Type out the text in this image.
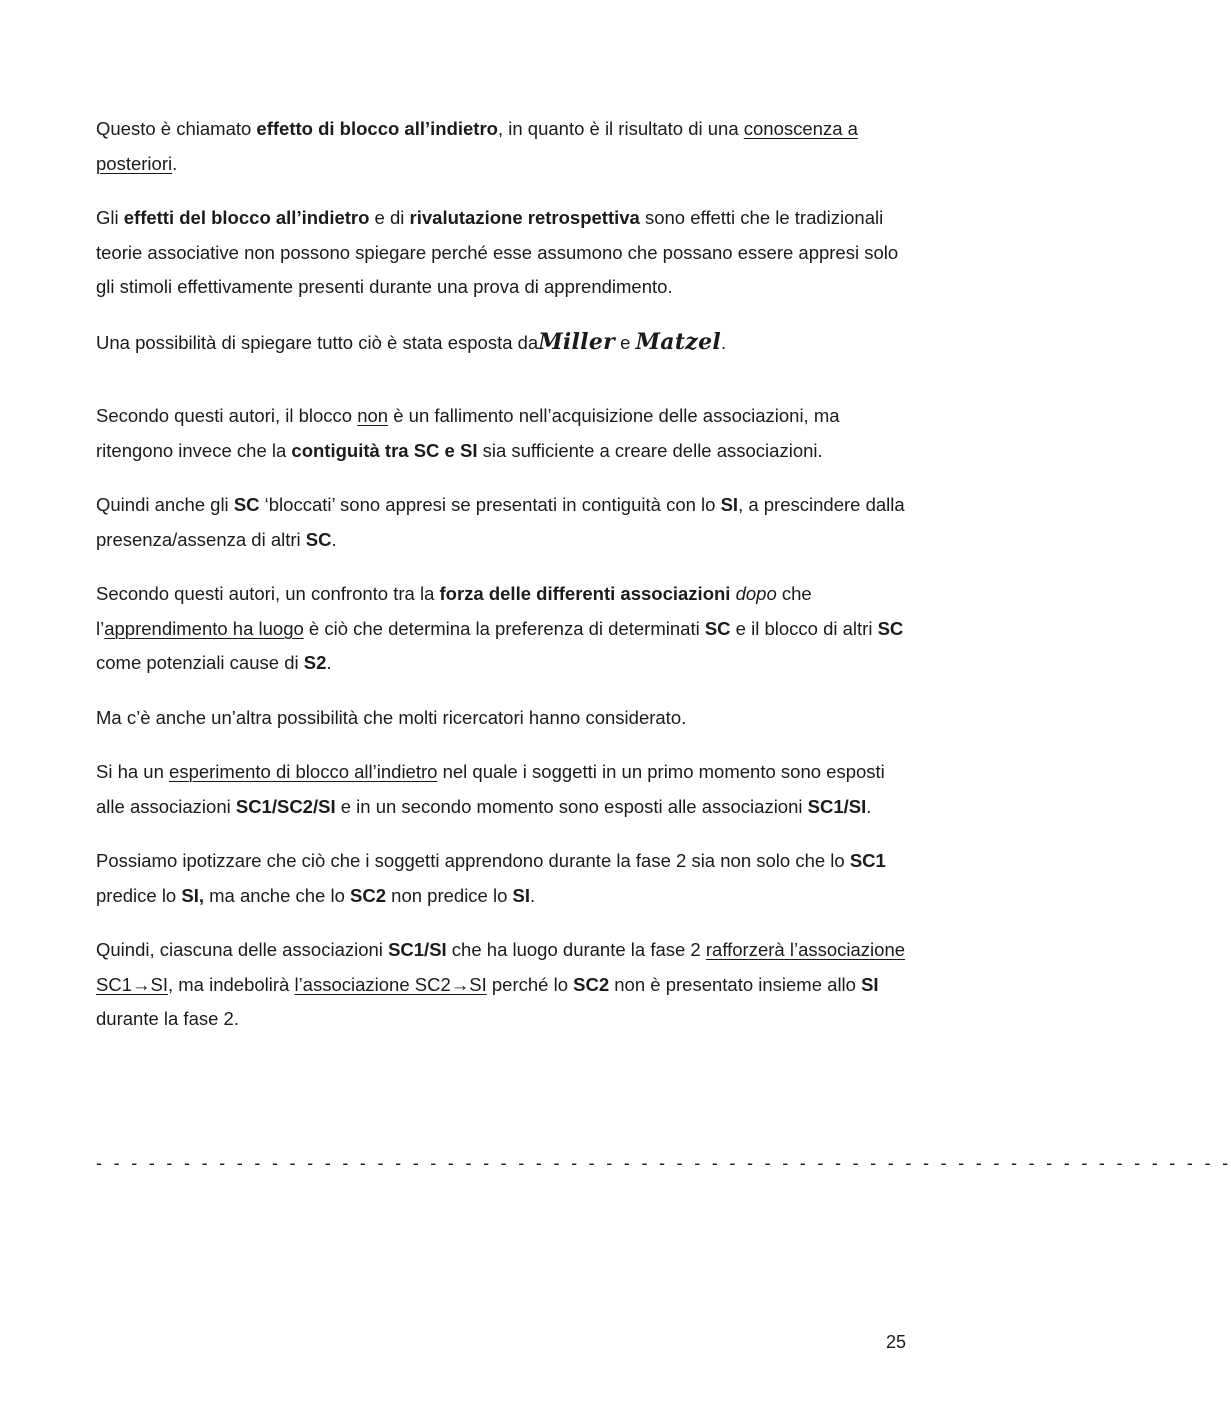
Questo è chiamato effetto di blocco all’indietro, in quanto è il risultato di una conoscenza a posteriori.

Gli effetti del blocco all’indietro e di rivalutazione retrospettiva sono effetti che le tradizionali teorie associative non possono spiegare perché esse assumono che possano essere appresi solo gli stimoli effettivamente presenti durante una prova di apprendimento.

Una possibilità di spiegare tutto ciò è stata esposta daMiller e Matzel.

Secondo questi autori, il blocco non è un fallimento nell’acquisizione delle associazioni, ma ritengono invece che la contiguità tra SC e SI sia sufficiente a creare delle associazioni.

Quindi anche gli SC ‘bloccati’ sono appresi se presentati in contiguità con lo SI, a prescindere dalla presenza/assenza di altri SC.

Secondo questi autori, un confronto tra la forza delle differenti associazioni dopo che l’apprendimento ha luogo è ciò che determina la preferenza di determinati SC e il blocco di altri SC come potenziali cause di S2.

Ma c’è anche un’altra possibilità che molti ricercatori hanno considerato.

Si ha un esperimento di blocco all’indietro nel quale i soggetti in un primo momento sono esposti alle associazioni SC1/SC2/SI e in un secondo momento sono esposti alle associazioni SC1/SI.

Possiamo ipotizzare che ciò che i soggetti apprendono durante la fase 2 sia non solo che lo SC1 predice lo SI, ma anche che lo SC2 non predice lo SI.

Quindi, ciascuna delle associazioni SC1/SI che ha luogo durante la fase 2 rafforzerà l’associazione SC1→SI, ma indebolirà l’associazione SC2→SI perché lo SC2 non è presentato insieme allo SI durante la fase 2.

- - - - - - - - - - - - - - - - - - - - - - - - - - - - - - - - - - - - - - - - - - - - - - - - - - - - - - - - - - - - - - - - -
25
